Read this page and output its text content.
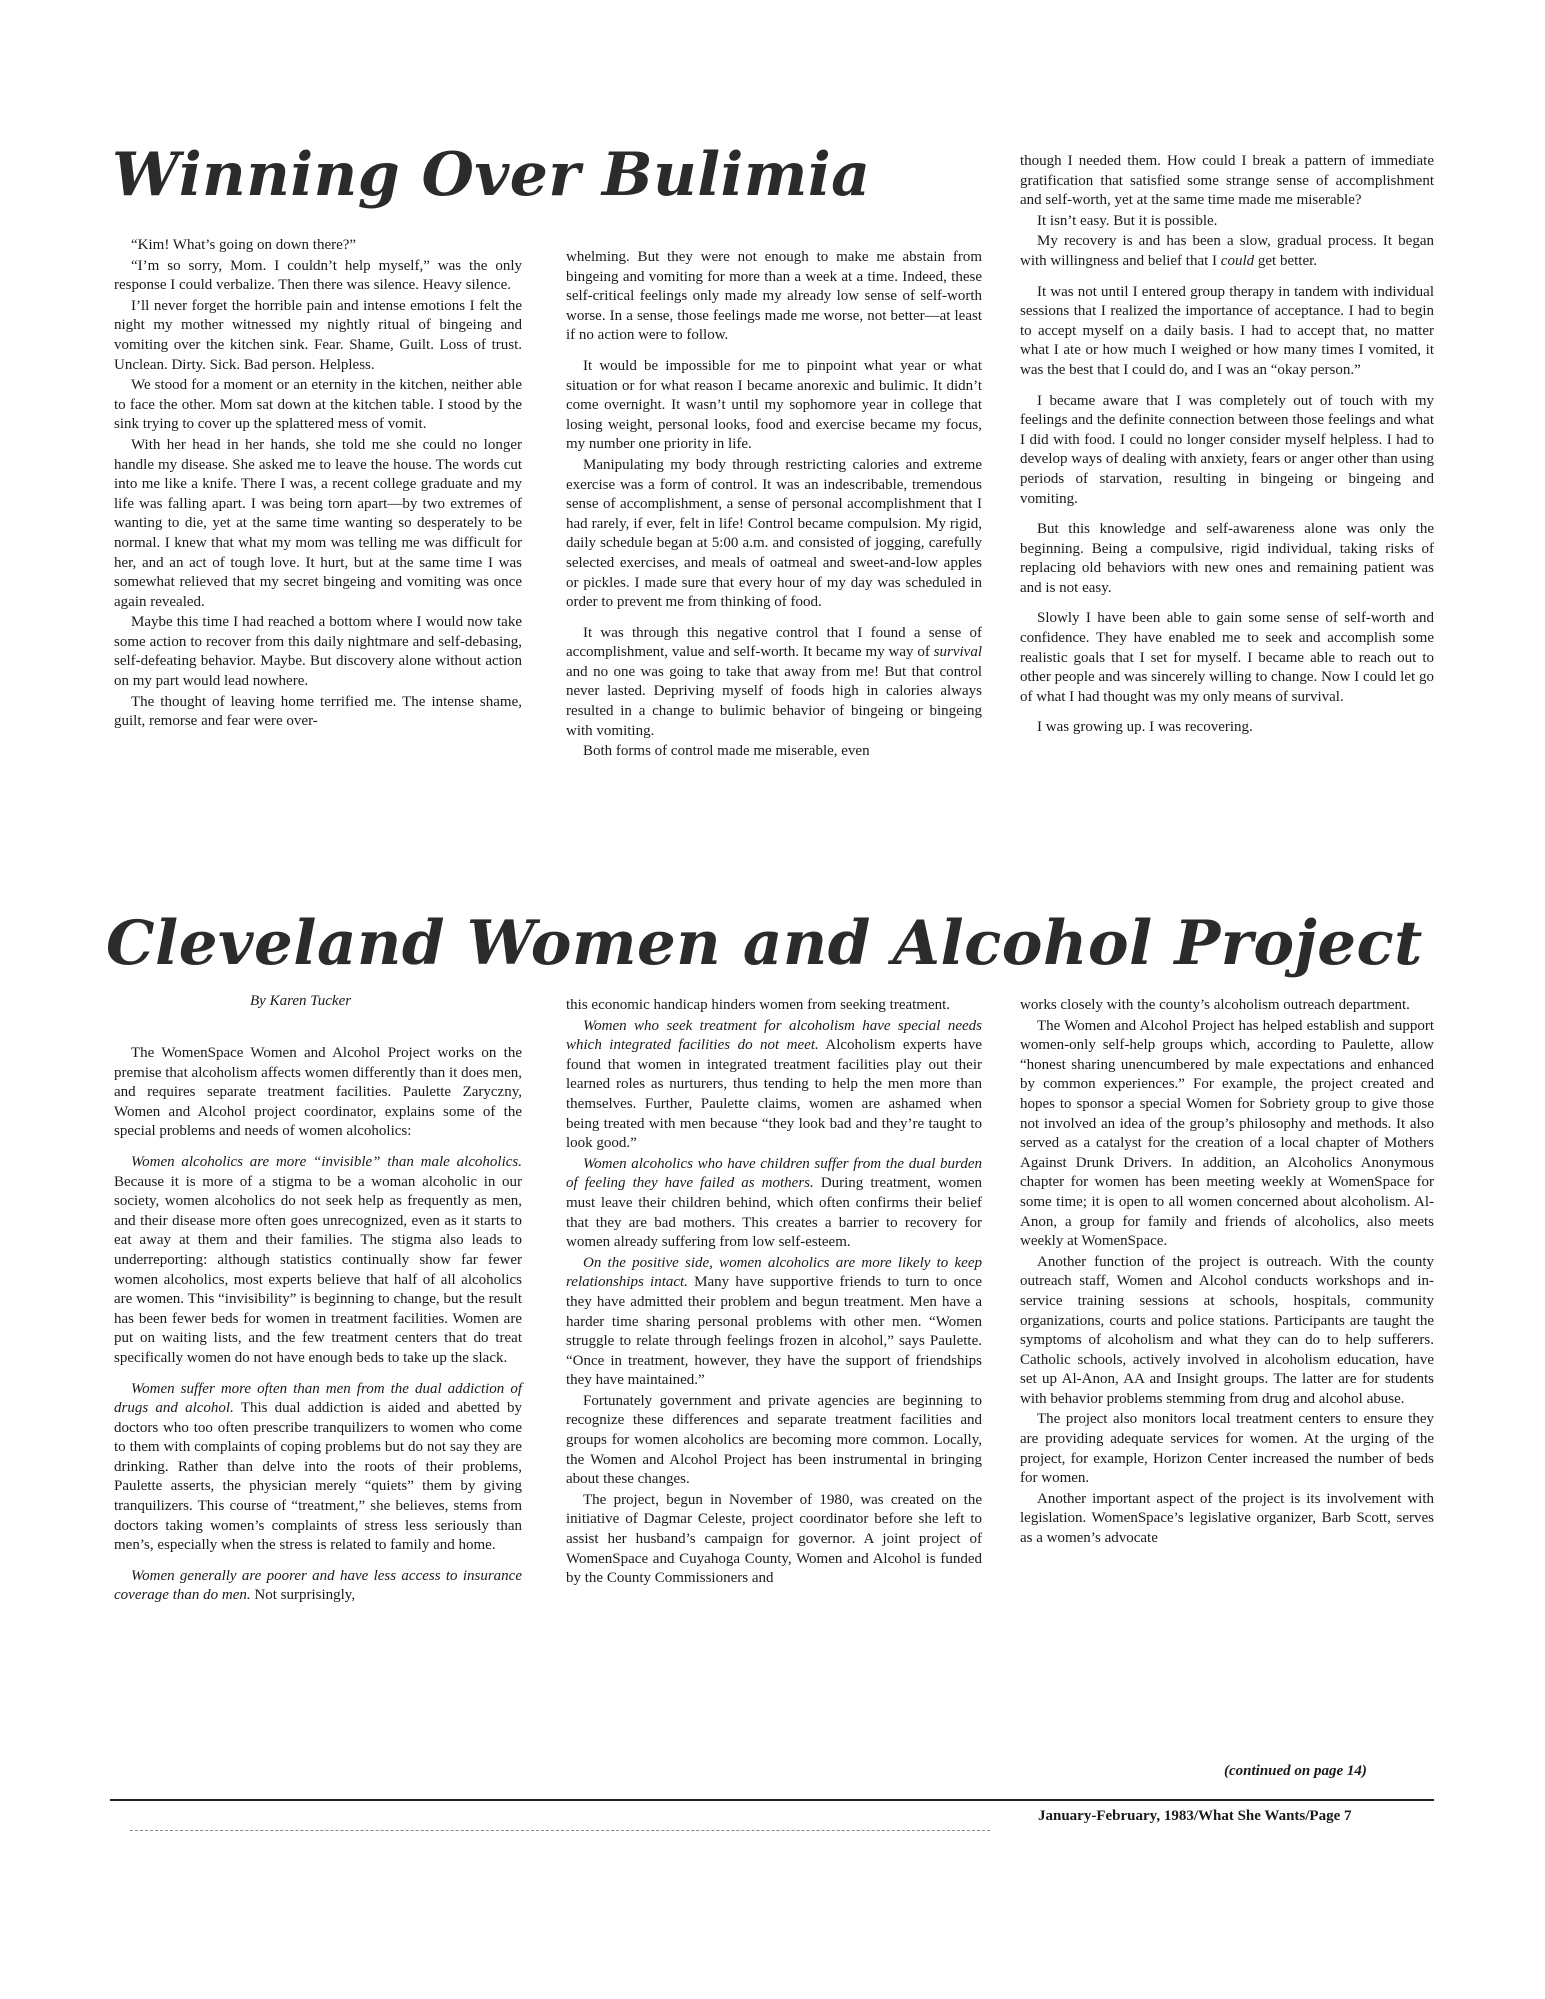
Winning Over Bulimia

“Kim! What’s going on down there?”

“I’m so sorry, Mom. I couldn’t help myself,” was the only response I could verbalize. Then there was silence. Heavy silence.

I’ll never forget the horrible pain and intense emotions I felt the night my mother witnessed my nightly ritual of bingeing and vomiting over the kitchen sink. Fear. Shame, Guilt. Loss of trust. Unclean. Dirty. Sick. Bad person. Helpless.

We stood for a moment or an eternity in the kitchen, neither able to face the other. Mom sat down at the kitchen table. I stood by the sink trying to cover up the splattered mess of vomit.

With her head in her hands, she told me she could no longer handle my disease. She asked me to leave the house. The words cut into me like a knife. There I was, a recent college graduate and my life was falling apart. I was being torn apart—by two extremes of wanting to die, yet at the same time wanting so desperately to be normal. I knew that what my mom was telling me was difficult for her, and an act of tough love. It hurt, but at the same time I was somewhat relieved that my secret bingeing and vomiting was once again revealed.

Maybe this time I had reached a bottom where I would now take some action to recover from this daily nightmare and self-debasing, self-defeating behavior. Maybe. But discovery alone without action on my part would lead nowhere.

The thought of leaving home terrified me. The intense shame, guilt, remorse and fear were over-

whelming. But they were not enough to make me abstain from bingeing and vomiting for more than a week at a time. Indeed, these self-critical feelings only made my already low sense of self-worth worse. In a sense, those feelings made me worse, not better—at least if no action were to follow.

It would be impossible for me to pinpoint what year or what situation or for what reason I became anorexic and bulimic. It didn’t come overnight. It wasn’t until my sophomore year in college that losing weight, personal looks, food and exercise became my focus, my number one priority in life.

Manipulating my body through restricting calories and extreme exercise was a form of control. It was an indescribable, tremendous sense of accomplishment, a sense of personal accomplishment that I had rarely, if ever, felt in life! Control became compulsion. My rigid, daily schedule began at 5:00 a.m. and consisted of jogging, carefully selected exercises, and meals of oatmeal and sweet-and-low apples or pickles. I made sure that every hour of my day was scheduled in order to prevent me from thinking of food.

It was through this negative control that I found a sense of accomplishment, value and self-worth. It became my way of survival and no one was going to take that away from me! But that control never lasted. Depriving myself of foods high in calories always resulted in a change to bulimic behavior of bingeing or bingeing with vomiting.

Both forms of control made me miserable, even

though I needed them. How could I break a pattern of immediate gratification that satisfied some strange sense of accomplishment and self-worth, yet at the same time made me miserable?

It isn’t easy. But it is possible.

My recovery is and has been a slow, gradual process. It began with willingness and belief that I could get better.

It was not until I entered group therapy in tandem with individual sessions that I realized the importance of acceptance. I had to begin to accept myself on a daily basis. I had to accept that, no matter what I ate or how much I weighed or how many times I vomited, it was the best that I could do, and I was an “okay person.”

I became aware that I was completely out of touch with my feelings and the definite connection between those feelings and what I did with food. I could no longer consider myself helpless. I had to develop ways of dealing with anxiety, fears or anger other than using periods of starvation, resulting in bingeing or bingeing and vomiting.

But this knowledge and self-awareness alone was only the beginning. Being a compulsive, rigid individual, taking risks of replacing old behaviors with new ones and remaining patient was and is not easy.

Slowly I have been able to gain some sense of self-worth and confidence. They have enabled me to seek and accomplish some realistic goals that I set for myself. I became able to reach out to other people and was sincerely willing to change. Now I could let go of what I had thought was my only means of survival.

I was growing up. I was recovering.

Cleveland Women and Alcohol Project

By Karen Tucker

The WomenSpace Women and Alcohol Project works on the premise that alcoholism affects women differently than it does men, and requires separate treatment facilities. Paulette Zaryczny, Women and Alcohol project coordinator, explains some of the special problems and needs of women alcoholics:

Women alcoholics are more “invisible” than male alcoholics. Because it is more of a stigma to be a woman alcoholic in our society, women alcoholics do not seek help as frequently as men, and their disease more often goes unrecognized, even as it starts to eat away at them and their families. The stigma also leads to underreporting: although statistics continually show far fewer women alcoholics, most experts believe that half of all alcoholics are women. This “invisibility” is beginning to change, but the result has been fewer beds for women in treatment facilities. Women are put on waiting lists, and the few treatment centers that do treat specifically women do not have enough beds to take up the slack.

Women suffer more often than men from the dual addiction of drugs and alcohol. This dual addiction is aided and abetted by doctors who too often prescribe tranquilizers to women who come to them with complaints of coping problems but do not say they are drinking. Rather than delve into the roots of their problems, Paulette asserts, the physician merely “quiets” them by giving tranquilizers. This course of “treatment,” she believes, stems from doctors taking women’s complaints of stress less seriously than men’s, especially when the stress is related to family and home.

Women generally are poorer and have less access to insurance coverage than do men. Not surprisingly,

this economic handicap hinders women from seeking treatment.

Women who seek treatment for alcoholism have special needs which integrated facilities do not meet. Alcoholism experts have found that women in integrated treatment facilities play out their learned roles as nurturers, thus tending to help the men more than themselves. Further, Paulette claims, women are ashamed when being treated with men because “they look bad and they’re taught to look good.”

Women alcoholics who have children suffer from the dual burden of feeling they have failed as mothers. During treatment, women must leave their children behind, which often confirms their belief that they are bad mothers. This creates a barrier to recovery for women already suffering from low self-esteem.

On the positive side, women alcoholics are more likely to keep relationships intact. Many have supportive friends to turn to once they have admitted their problem and begun treatment. Men have a harder time sharing personal problems with other men. “Women struggle to relate through feelings frozen in alcohol,” says Paulette. “Once in treatment, however, they have the support of friendships they have maintained.”

Fortunately government and private agencies are beginning to recognize these differences and separate treatment facilities and groups for women alcoholics are becoming more common. Locally, the Women and Alcohol Project has been instrumental in bringing about these changes.

The project, begun in November of 1980, was created on the initiative of Dagmar Celeste, project coordinator before she left to assist her husband’s campaign for governor. A joint project of WomenSpace and Cuyahoga County, Women and Alcohol is funded by the County Commissioners and

works closely with the county’s alcoholism outreach department.

The Women and Alcohol Project has helped establish and support women-only self-help groups which, according to Paulette, allow “honest sharing unencumbered by male expectations and enhanced by common experiences.” For example, the project created and hopes to sponsor a special Women for Sobriety group to give those not involved an idea of the group’s philosophy and methods. It also served as a catalyst for the creation of a local chapter of Mothers Against Drunk Drivers. In addition, an Alcoholics Anonymous chapter for women has been meeting weekly at WomenSpace for some time; it is open to all women concerned about alcoholism. Al-Anon, a group for family and friends of alcoholics, also meets weekly at WomenSpace.

Another function of the project is outreach. With the county outreach staff, Women and Alcohol conducts workshops and in-service training sessions at schools, hospitals, community organizations, courts and police stations. Participants are taught the symptoms of alcoholism and what they can do to help sufferers. Catholic schools, actively involved in alcoholism education, have set up Al-Anon, AA and Insight groups. The latter are for students with behavior problems stemming from drug and alcohol abuse.

The project also monitors local treatment centers to ensure they are providing adequate services for women. At the urging of the project, for example, Horizon Center increased the number of beds for women.

Another important aspect of the project is its involvement with legislation. WomenSpace’s legislative organizer, Barb Scott, serves as a women’s advocate

(continued on page 14)

January-February, 1983/What She Wants/Page 7
